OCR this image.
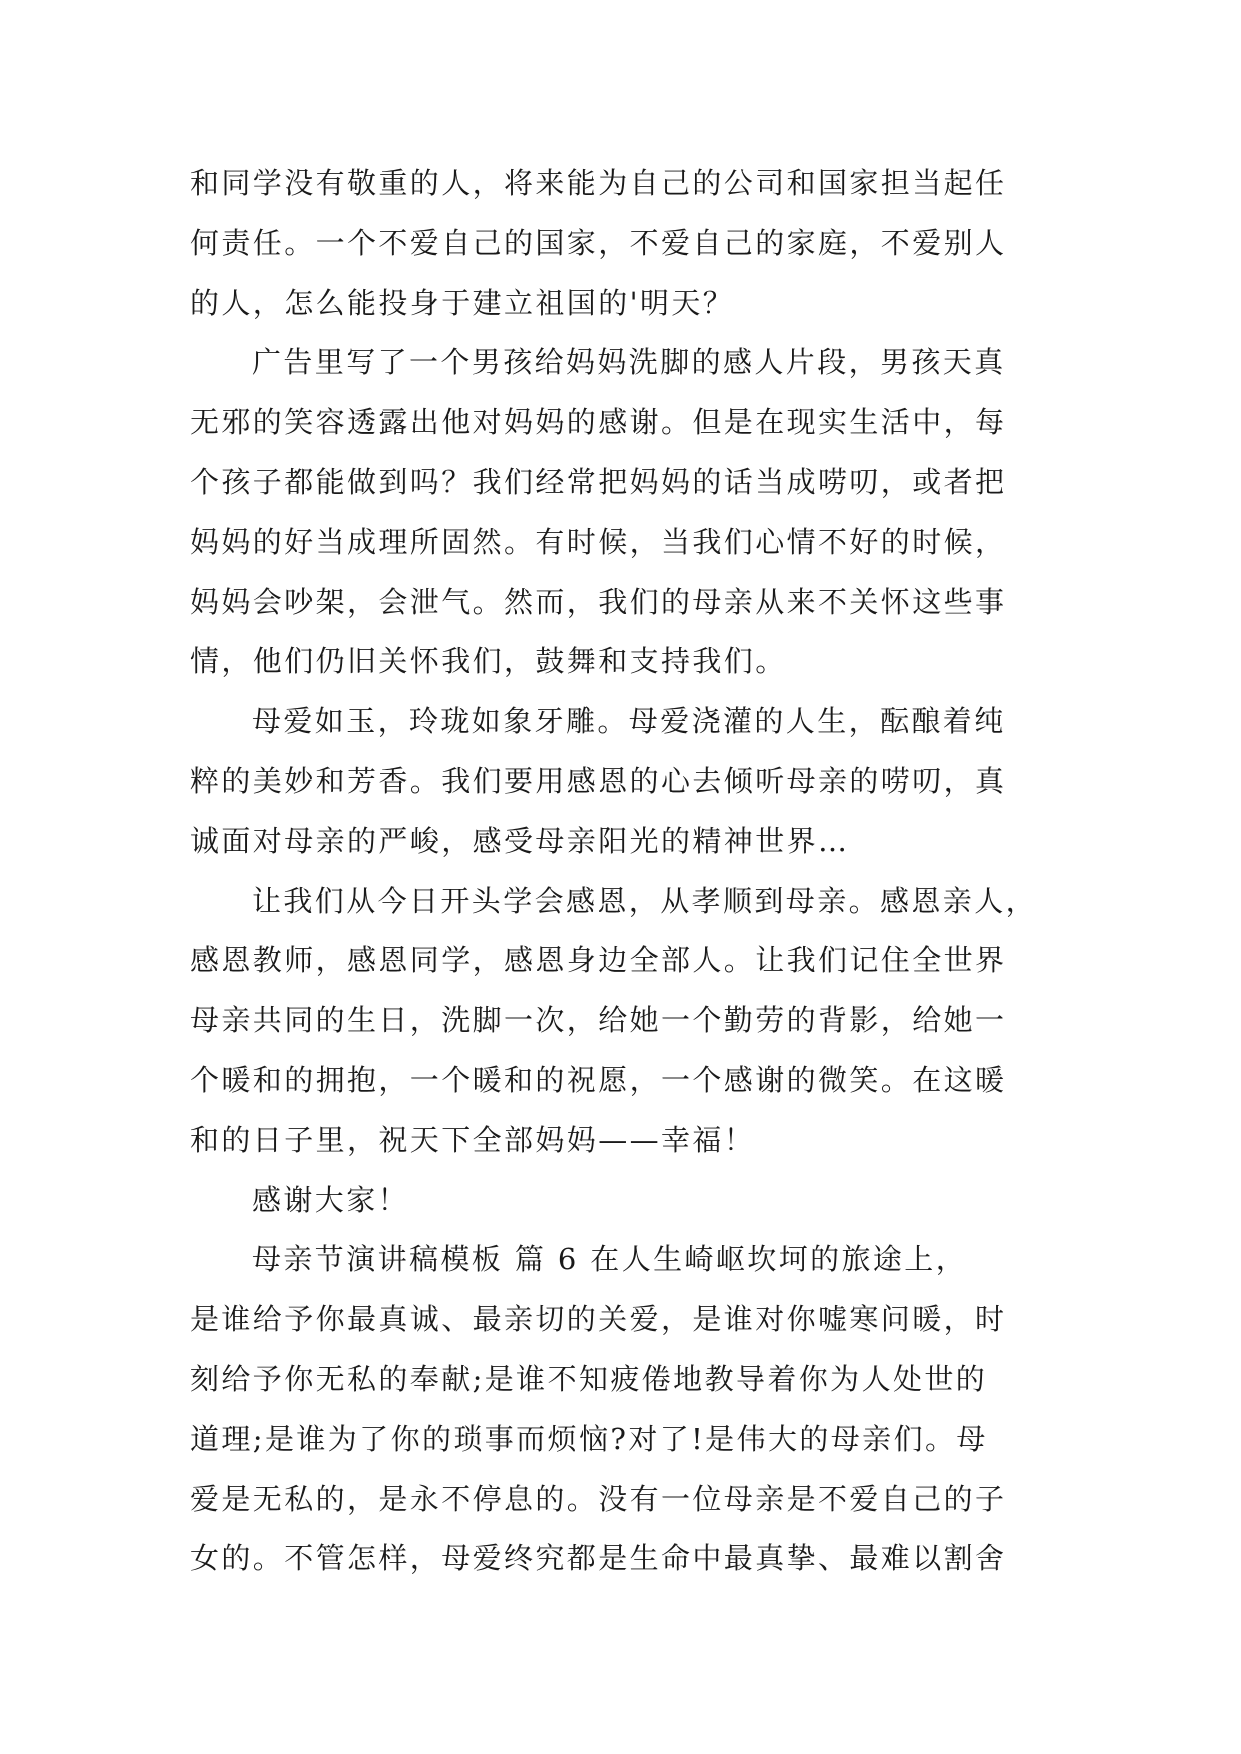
和同学没有敬重的人，将来能为自己的公司和国家担当起任
何责任。一个不爱自己的国家，不爱自己的家庭，不爱别人
的人，怎么能投身于建立祖国的'明天？
广告里写了一个男孩给妈妈洗脚的感人片段，男孩天真
无邪的笑容透露出他对妈妈的感谢。但是在现实生活中，每
个孩子都能做到吗？我们经常把妈妈的话当成唠叨，或者把
妈妈的好当成理所固然。有时候，当我们心情不好的时候，
妈妈会吵架，会泄气。然而，我们的母亲从来不关怀这些事
情，他们仍旧关怀我们，鼓舞和支持我们。
母爱如玉，玲珑如象牙雕。母爱浇灌的人生，酝酿着纯
粹的美妙和芳香。我们要用感恩的心去倾听母亲的唠叨，真
诚面对母亲的严峻，感受母亲阳光的精神世界…
让我们从今日开头学会感恩，从孝顺到母亲。感恩亲人，
感恩教师，感恩同学，感恩身边全部人。让我们记住全世界
母亲共同的生日，洗脚一次，给她一个勤劳的背影，给她一
个暖和的拥抱，一个暖和的祝愿，一个感谢的微笑。在这暖
和的日子里，祝天下全部妈妈——幸福！
感谢大家！
母亲节演讲稿模板 篇 6 在人生崎岖坎坷的旅途上，
是谁给予你最真诚、最亲切的关爱，是谁对你嘘寒问暖，时
刻给予你无私的奉献;是谁不知疲倦地教导着你为人处世的
道理;是谁为了你的琐事而烦恼?对了!是伟大的母亲们。母
爱是无私的，是永不停息的。没有一位母亲是不爱自己的子
女的。不管怎样，母爱终究都是生命中最真挚、最难以割舍
